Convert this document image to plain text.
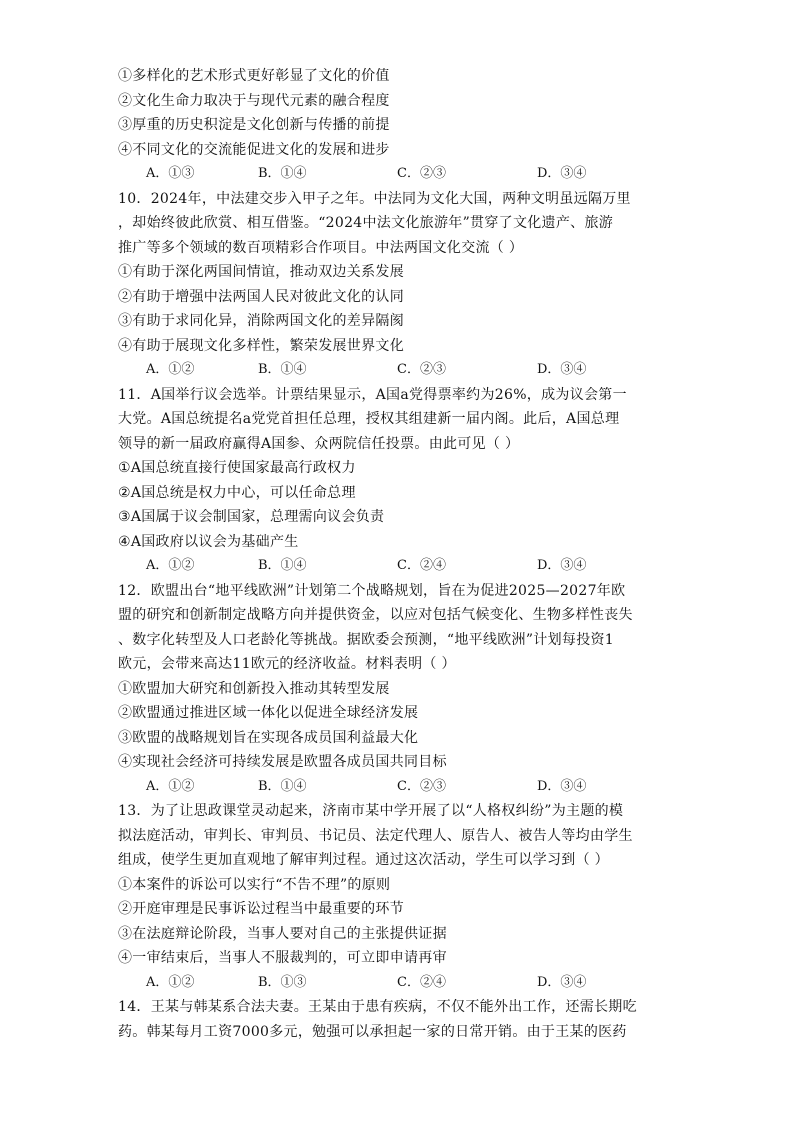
①多样化的艺术形式更好彰显了文化的价值
②文化生命力取决于与现代元素的融合程度
③厚重的历史积淀是文化创新与传播的前提
④不同文化的交流能促进文化的发展和进步
A．①③	B．①④	C．②③	D．③④
10．2024年，中法建交步入甲子之年。中法同为文化大国，两种文明虽远隔万里
，却始终彼此欣赏、相互借鉴。“2024中法文化旅游年”贯穿了文化遗产、旅游
推广等多个领域的数百项精彩合作项目。中法两国文化交流（ ）
①有助于深化两国间情谊，推动双边关系发展
②有助于增强中法两国人民对彼此文化的认同
③有助于求同化异，消除两国文化的差异隔阂
④有助于展现文化多样性，繁荣发展世界文化
A．①②	B．①④	C．②③	D．③④
11．A国举行议会选举。计票结果显示，A国a党得票率约为26%，成为议会第一
大党。A国总统提名a党党首担任总理，授权其组建新一届内阁。此后，A国总理
领导的新一届政府赢得A国参、众两院信任投票。由此可见（ ）
①A国总统直接行使国家最高行政权力
②A国总统是权力中心，可以任命总理
③A国属于议会制国家，总理需向议会负责
④A国政府以议会为基础产生
A．①②	B．①④	C．②④	D．③④
12．欧盟出台“地平线欧洲”计划第二个战略规划，旨在为促进2025—2027年欧
盟的研究和创新制定战略方向并提供资金，以应对包括气候变化、生物多样性丧失
、数字化转型及人口老龄化等挑战。据欧委会预测，“地平线欧洲”计划每投资1
欧元，会带来高达11欧元的经济收益。材料表明（ ）
①欧盟加大研究和创新投入推动其转型发展
②欧盟通过推进区域一体化以促进全球经济发展
③欧盟的战略规划旨在实现各成员国利益最大化
④实现社会经济可持续发展是欧盟各成员国共同目标
A．①②	B．①④	C．②③	D．③④
13．为了让思政课堂灵动起来，济南市某中学开展了以“人格权纠纷”为主题的模
拟法庭活动，审判长、审判员、书记员、法定代理人、原告人、被告人等均由学生
组成，使学生更加直观地了解审判过程。通过这次活动，学生可以学习到（ ）
①本案件的诉讼可以实行“不告不理”的原则
②开庭审理是民事诉讼过程当中最重要的环节
③在法庭辩论阶段，当事人要对自己的主张提供证据
④一审结束后，当事人不服裁判的，可立即申请再审
A．①②	B．①③	C．②④	D．③④
14．王某与韩某系合法夫妻。王某由于患有疾病，不仅不能外出工作，还需长期吃
药。韩某每月工资7000多元，勉强可以承担起一家的日常开销。由于王某的医药
